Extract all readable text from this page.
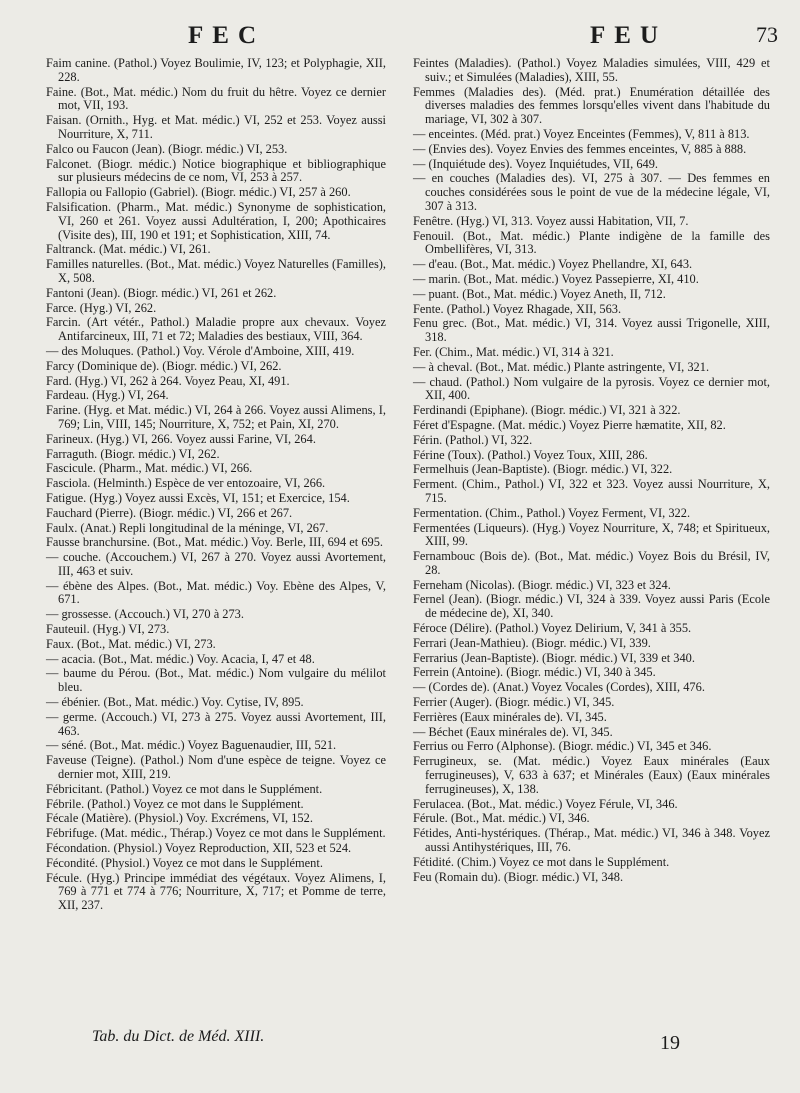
FEC	FEU	73

Faim canine. (Pathol.) Voyez Boulimie, IV, 123; et Polyphagie, XII, 228.

Faine. (Bot., Mat. médic.) Nom du fruit du hêtre. Voyez ce dernier mot, VII, 193.

Faisan. (Ornith., Hyg. et Mat. médic.) VI, 252 et 253. Voyez aussi Nourriture, X, 711.

Falco ou Faucon (Jean). (Biogr. médic.) VI, 253.

Falconet. (Biogr. médic.) Notice biographique et bibliographique sur plusieurs médecins de ce nom, VI, 253 à 257.

Fallopia ou Fallopio (Gabriel). (Biogr. médic.) VI, 257 à 260.

Falsification. (Pharm., Mat. médic.) Synonyme de sophistication, VI, 260 et 261. Voyez aussi Adultération, I, 200; Apothicaires (Visite des), III, 190 et 191; et Sophistication, XIII, 74.

Faltranck. (Mat. médic.) VI, 261.

Familles naturelles. (Bot., Mat. médic.) Voyez Naturelles (Familles), X, 508.

Fantoni (Jean). (Biogr. médic.) VI, 261 et 262.

Farce. (Hyg.) VI, 262.

Farcin. (Art vétér., Pathol.) Maladie propre aux chevaux. Voyez Antifarcineux, III, 71 et 72; Maladies des bestiaux, VIII, 364.

— des Moluques. (Pathol.) Voy. Vérole d'Amboine, XIII, 419.

Farcy (Dominique de). (Biogr. médic.) VI, 262.

Fard. (Hyg.) VI, 262 à 264. Voyez Peau, XI, 491.

Fardeau. (Hyg.) VI, 264.

Farine. (Hyg. et Mat. médic.) VI, 264 à 266. Voyez aussi Alimens, I, 769; Lin, VIII, 145; Nourriture, X, 752; et Pain, XI, 270.

Farineux. (Hyg.) VI, 266. Voyez aussi Farine, VI, 264.

Farraguth. (Biogr. médic.) VI, 262.

Fascicule. (Pharm., Mat. médic.) VI, 266.

Fasciola. (Helminth.) Espèce de ver entozoaire, VI, 266.

Fatigue. (Hyg.) Voyez aussi Excès, VI, 151; et Exercice, 154.

Fauchard (Pierre). (Biogr. médic.) VI, 266 et 267.

Faulx. (Anat.) Repli longitudinal de la méninge, VI, 267.

Fausse branchursine. (Bot., Mat. médic.) Voy. Berle, III, 694 et 695.

— couche. (Accouchem.) VI, 267 à 270. Voyez aussi Avortement, III, 463 et suiv.

— ébène des Alpes. (Bot., Mat. médic.) Voy. Ebène des Alpes, V, 671.

— grossesse. (Accouch.) VI, 270 à 273.

Fauteuil. (Hyg.) VI, 273.

Faux. (Bot., Mat. médic.) VI, 273.

— acacia. (Bot., Mat. médic.) Voy. Acacia, I, 47 et 48.

— baume du Pérou. (Bot., Mat. médic.) Nom vulgaire du mélilot bleu.

— ébénier. (Bot., Mat. médic.) Voy. Cytise, IV, 895.

— germe. (Accouch.) VI, 273 à 275. Voyez aussi Avortement, III, 463.

— séné. (Bot., Mat. médic.) Voyez Baguenaudier, III, 521.

Faveuse (Teigne). (Pathol.) Nom d'une espèce de teigne. Voyez ce dernier mot, XIII, 219.

Fébricitant. (Pathol.) Voyez ce mot dans le Supplément.

Fébrile. (Pathol.) Voyez ce mot dans le Supplément.

Fécale (Matière). (Physiol.) Voy. Excrémens, VI, 152.

Fébrifuge. (Mat. médic., Thérap.) Voyez ce mot dans le Supplément.

Fécondation. (Physiol.) Voyez Reproduction, XII, 523 et 524.

Fécondité. (Physiol.) Voyez ce mot dans le Supplément.

Fécule. (Hyg.) Principe immédiat des végétaux. Voyez Alimens, I, 769 à 771 et 774 à 776; Nourriture, X, 717; et Pomme de terre, XII, 237.

Feintes (Maladies). (Pathol.) Voyez Maladies simulées, VIII, 429 et suiv.; et Simulées (Maladies), XIII, 55.

Femmes (Maladies des). (Méd. prat.) Enumération détaillée des diverses maladies des femmes lorsqu'elles vivent dans l'habitude du mariage, VI, 302 à 307.

— enceintes. (Méd. prat.) Voyez Enceintes (Femmes), V, 811 à 813.

— (Envies des). Voyez Envies des femmes enceintes, V, 885 à 888.

— (Inquiétude des). Voyez Inquiétudes, VII, 649.

— en couches (Maladies des). VI, 275 à 307. — Des femmes en couches considérées sous le point de vue de la médecine légale, VI, 307 à 313.

Fenêtre. (Hyg.) VI, 313. Voyez aussi Habitation, VII, 7.

Fenouil. (Bot., Mat. médic.) Plante indigène de la famille des Ombellifères, VI, 313.

— d'eau. (Bot., Mat. médic.) Voyez Phellandre, XI, 643.

— marin. (Bot., Mat. médic.) Voyez Passepierre, XI, 410.

— puant. (Bot., Mat. médic.) Voyez Aneth, II, 712.

Fente. (Pathol.) Voyez Rhagade, XII, 563.

Fenu grec. (Bot., Mat. médic.) VI, 314. Voyez aussi Trigonelle, XIII, 318.

Fer. (Chim., Mat. médic.) VI, 314 à 321.

— à cheval. (Bot., Mat. médic.) Plante astringente, VI, 321.

— chaud. (Pathol.) Nom vulgaire de la pyrosis. Voyez ce dernier mot, XII, 400.

Ferdinandi (Epiphane). (Biogr. médic.) VI, 321 à 322.

Féret d'Espagne. (Mat. médic.) Voyez Pierre hæmatite, XII, 82.

Férin. (Pathol.) VI, 322.

Férine (Toux). (Pathol.) Voyez Toux, XIII, 286.

Fermelhuis (Jean-Baptiste). (Biogr. médic.) VI, 322.

Ferment. (Chim., Pathol.) VI, 322 et 323. Voyez aussi Nourriture, X, 715.

Fermentation. (Chim., Pathol.) Voyez Ferment, VI, 322.

Fermentées (Liqueurs). (Hyg.) Voyez Nourriture, X, 748; et Spiritueux, XIII, 99.

Fernambouc (Bois de). (Bot., Mat. médic.) Voyez Bois du Brésil, IV, 28.

Ferneham (Nicolas). (Biogr. médic.) VI, 323 et 324.

Fernel (Jean). (Biogr. médic.) VI, 324 à 339. Voyez aussi Paris (Ecole de médecine de), XI, 340.

Féroce (Délire). (Pathol.) Voyez Delirium, V, 341 à 355.

Ferrari (Jean-Mathieu). (Biogr. médic.) VI, 339.

Ferrarius (Jean-Baptiste). (Biogr. médic.) VI, 339 et 340.

Ferrein (Antoine). (Biogr. médic.) VI, 340 à 345.

— (Cordes de). (Anat.) Voyez Vocales (Cordes), XIII, 476.

Ferrier (Auger). (Biogr. médic.) VI, 345.

Ferrières (Eaux minérales de). VI, 345.

— Béchet (Eaux minérales de). VI, 345.

Ferrius ou Ferro (Alphonse). (Biogr. médic.) VI, 345 et 346.

Ferrugineux, se. (Mat. médic.) Voyez Eaux minérales (Eaux ferrugineuses), V, 633 à 637; et Minérales (Eaux) (Eaux minérales ferrugineuses), X, 138.

Ferulacea. (Bot., Mat. médic.) Voyez Férule, VI, 346.

Férule. (Bot., Mat. médic.) VI, 346.

Fétides, Anti-hystériques. (Thérap., Mat. médic.) VI, 346 à 348. Voyez aussi Antihystériques, III, 76.

Fétidité. (Chim.) Voyez ce mot dans le Supplément.

Feu (Romain du). (Biogr. médic.) VI, 348.

Tab. du Dict. de Méd. XIII.	19
